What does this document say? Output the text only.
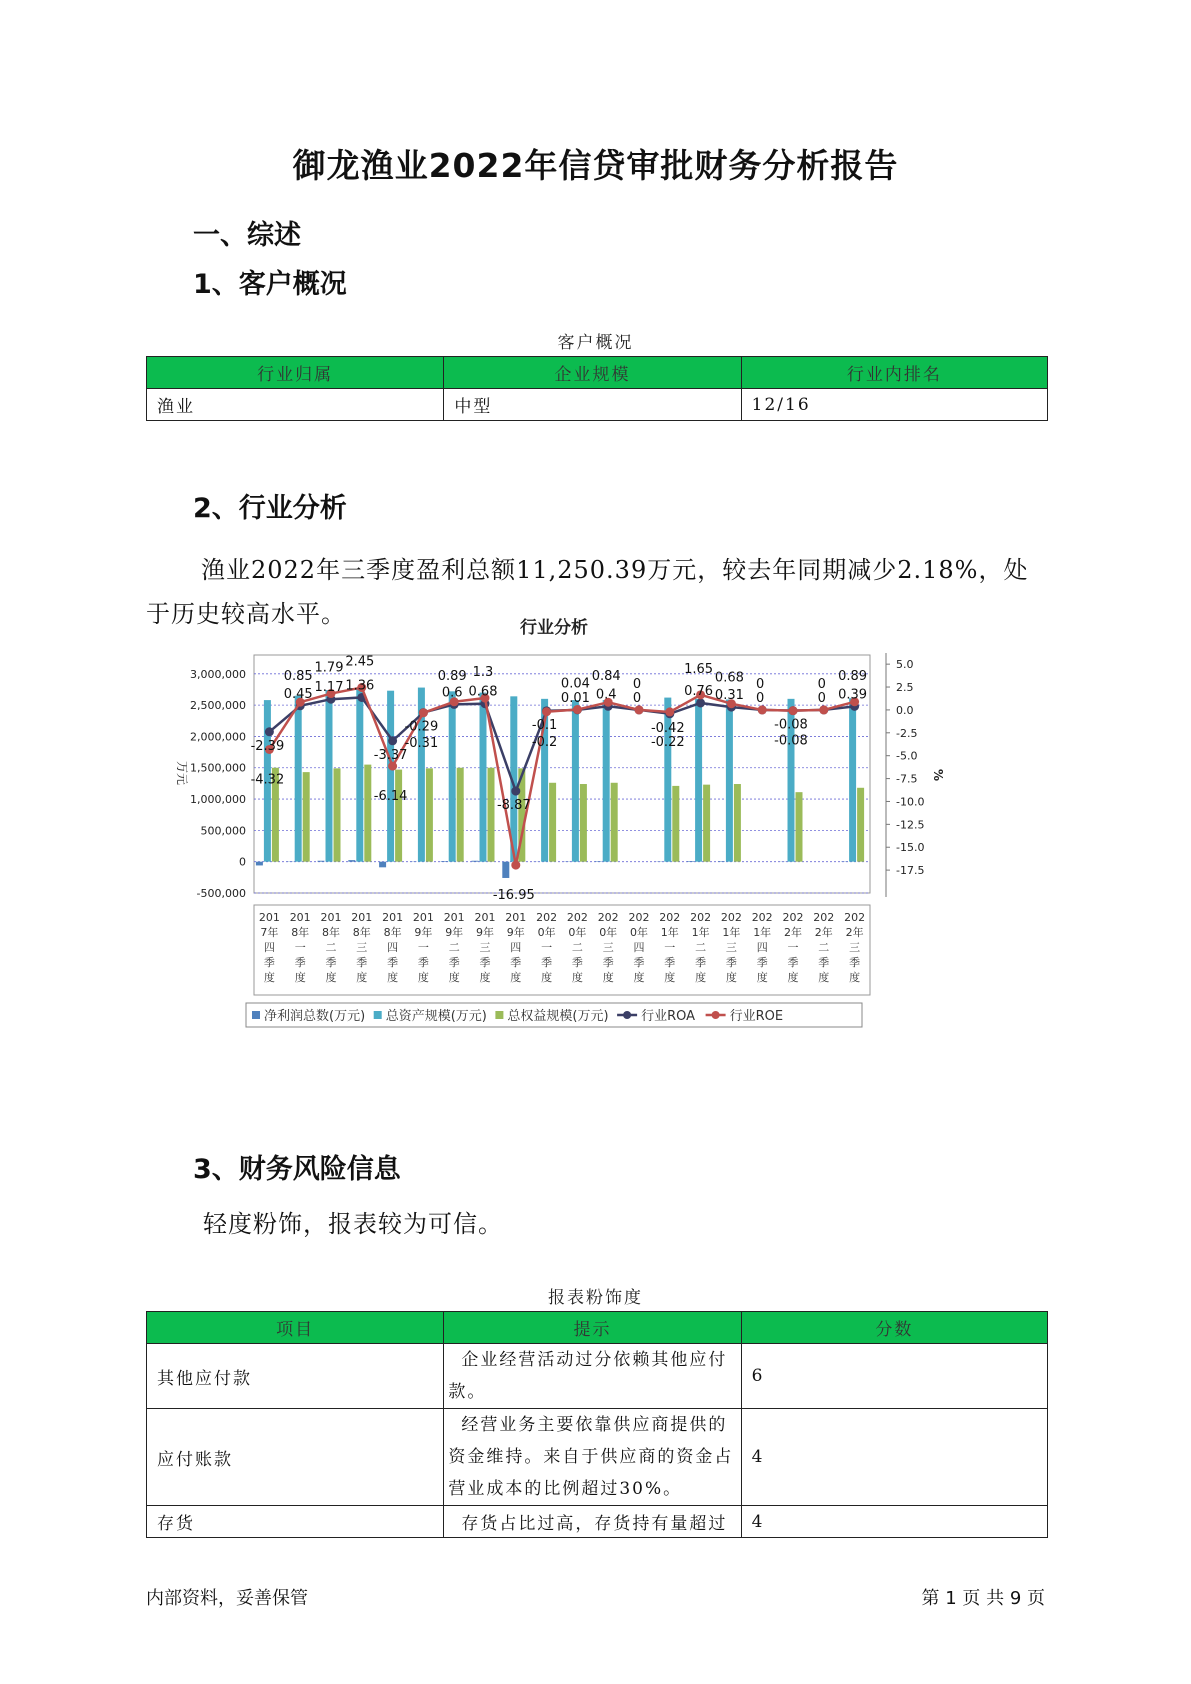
御龙渔业2022年信贷审批财务分析报告

一、综述

1、客户概况

客户概况
行业归属	企业规模	行业内排名
渔业	中型	12/16

2、行业分析

渔业2022年三季度盈利总额11,250.39万元，较去年同期减少2.18%，处于历史较高水平。	行业分析
3,000,000
2,500,000
2,000,000
1,500,000
1,000,000
500,000
0
-500,000
5.0
2.5
0.0
-2.5
-5.0
-7.5
-10.0
-12.5
-15.0
-17.5
万元	%
-2.39
0.45 1.17 1.36
-3.37
-0.29
0.6 0.68
-8.87
-0.1
0.01 0.4 0
-0.42
0.76 0.31 0
-0.08
0 0.39
-4.32
0.85
1.79 2.45
-6.14
-0.31
0.89 1.3
-16.95
-0.2
0.04 0.84
0
-0.22
1.65
0.68 0
-0.08
0
0.89
201 7年四季度
201 8年一季度
201 8年二季度
201 8年三季度
201 8年四季度
201 9年一季度
201 9年二季度
201 9年三季度
201 9年四季度
202 0年一季度
202 0年二季度
202 0年三季度
202 0年四季度
202 1年一季度
202 1年二季度
202 1年三季度
202 1年四季度
202 2年一季度
202 2年二季度
202 2年三季度
净利润总数(万元) 总资产规模(万元) 总权益规模(万元)	行业ROA	行业ROE

3、财务风险信息

轻度粉饰，报表较为可信。

报表粉饰度
项目	提示	分数
其他应付款	企业经营活动过分依赖其他应付款。	6
应付账款	经营业务主要依靠供应商提供的资金维持。来自于供应商的资金占营业成本的比例超过30%。	4
存货	存货占比过高，存货持有量超过	4
内部资料，妥善保管	第 1 页 共 9 页
